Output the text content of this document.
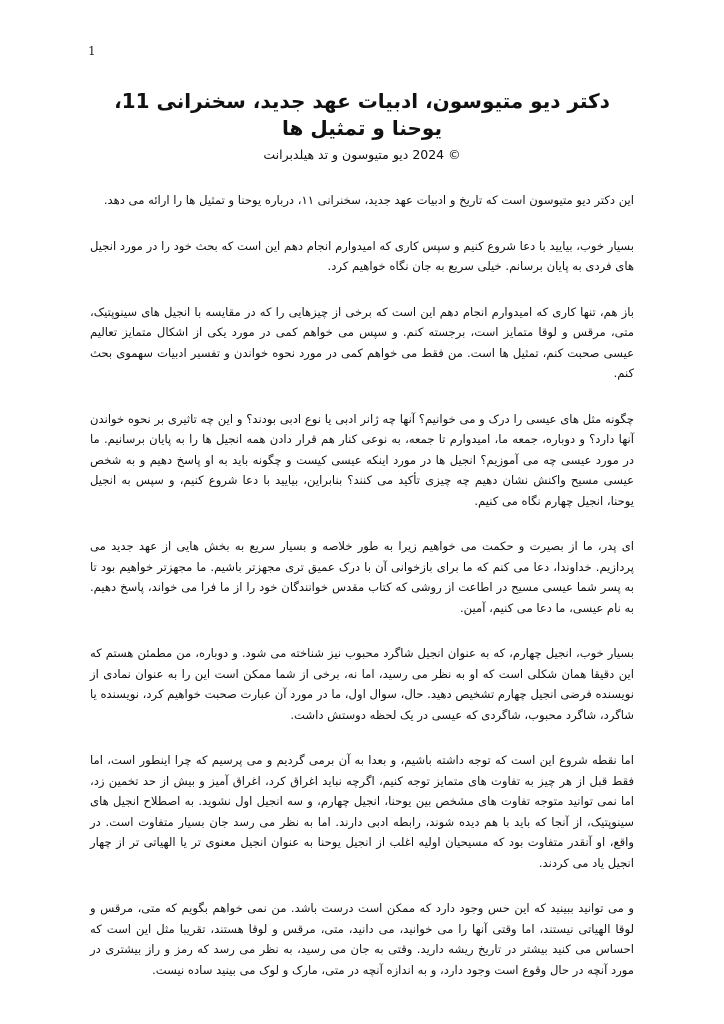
1
دکتر دیو متیوسون، ادبیات عهد جدید، سخنرانی 11، یوحنا و تمثیل ها
© 2024 دیو متیوسون و تد هیلدبرانت

این دکتر دیو متیوسون است که تاریخ و ادبیات عهد جدید، سخنرانی ۱۱، درباره یوحنا و تمثیل ها را ارائه می دهد.

بسیار خوب، بیایید با دعا شروع کنیم و سپس کاری که امیدوارم انجام دهم این است که بحث خود را در مورد انجیل های فردی به پایان برسانم. خیلی سریع به جان نگاه خواهیم کرد.

باز هم، تنها کاری که امیدوارم انجام دهم این است که برخی از چیزهایی را که در مقایسه با انجیل های سینوپتیک، متی، مرقس و لوقا متمایز است، برجسته کنم. و سپس می خواهم کمی در مورد یکی از اشکال متمایز تعالیم عیسی صحبت کنم، تمثیل ها است. من فقط می خواهم کمی در مورد نحوه خواندن و تفسیر ادبیات سهموی بحث کنم.

چگونه مثل های عیسی را درک و می خوانیم؟ آنها چه ژانر ادبی یا نوع ادبی بودند؟ و این چه تاثیری بر نحوه خواندن آنها دارد؟ و دوباره، جمعه ما، امیدوارم تا جمعه، به نوعی کنار هم قرار دادن همه انجیل ها را به پایان برسانیم. ما در مورد عیسی چه می آموزیم؟ انجیل ها در مورد اینکه عیسی کیست و چگونه باید به او پاسخ دهیم و به شخص عیسی مسیح واکنش نشان دهیم چه چیزی تأکید می کنند؟ بنابراین، بیایید با دعا شروع کنیم، و سپس به انجیل یوحنا، انجیل چهارم نگاه می کنیم.

ای پدر، ما از بصیرت و حکمت می خواهیم زیرا به طور خلاصه و بسیار سریع به بخش هایی از عهد جدید می پردازیم. خداوندا، دعا می کنم که ما برای بازخوانی آن با درک عمیق تری مجهزتر باشیم. ما مجهزتر خواهیم بود تا به پسر شما عیسی مسیح در اطاعت از روشی که کتاب مقدس خوانندگان خود را از ما فرا می خواند، پاسخ دهیم. به نام عیسی، ما دعا می کنیم، آمین.

بسیار خوب، انجیل چهارم، که به عنوان انجیل شاگرد محبوب نیز شناخته می شود. و دوباره، من مطمئن هستم که این دقیقا همان شکلی است که او به نظر می رسید، اما نه، برخی از شما ممکن است این را به عنوان نمادی از نویسنده فرضی انجیل چهارم تشخیص دهید. حال، سوال اول، ما در مورد آن عبارت صحبت خواهیم کرد، نویسنده یا شاگرد، شاگرد محبوب، شاگردی که عیسی در یک لحظه دوستش داشت.

اما نقطه شروع این است که توجه داشته باشیم، و بعدا به آن برمی گردیم و می پرسیم که چرا اینطور است، اما فقط قبل از هر چیز به تفاوت های متمایز توجه کنیم، اگرچه نباید اغراق کرد، اغراق آمیز و بیش از حد تخمین زد، اما نمی توانید متوجه تفاوت های مشخص بین یوحنا، انجیل چهارم، و سه انجیل اول نشوید. به اصطلاح انجیل های سینوپتیک، از آنجا که باید با هم دیده شوند، رابطه ادبی دارند. اما به نظر می رسد جان بسیار متفاوت است. در واقع، او آنقدر متفاوت بود که مسیحیان اولیه اغلب از انجیل یوحنا به عنوان انجیل معنوی تر یا الهیاتی تر از چهار انجیل یاد می کردند.

و می توانید ببینید که این حس وجود دارد که ممکن است درست باشد. من نمی خواهم بگویم که متی، مرقس و لوقا الهیاتی نیستند، اما وقتی آنها را می خوانید، می دانید، متی، مرقس و لوقا هستند، تقریبا مثل این است که احساس می کنید بیشتر در تاریخ ریشه دارید. وقتی به جان می رسید، به نظر می رسد که رمز و راز بیشتری در مورد آنچه در حال وقوع است وجود دارد، و به اندازه آنچه در متی، مارک و لوک می بینید ساده نیست.
